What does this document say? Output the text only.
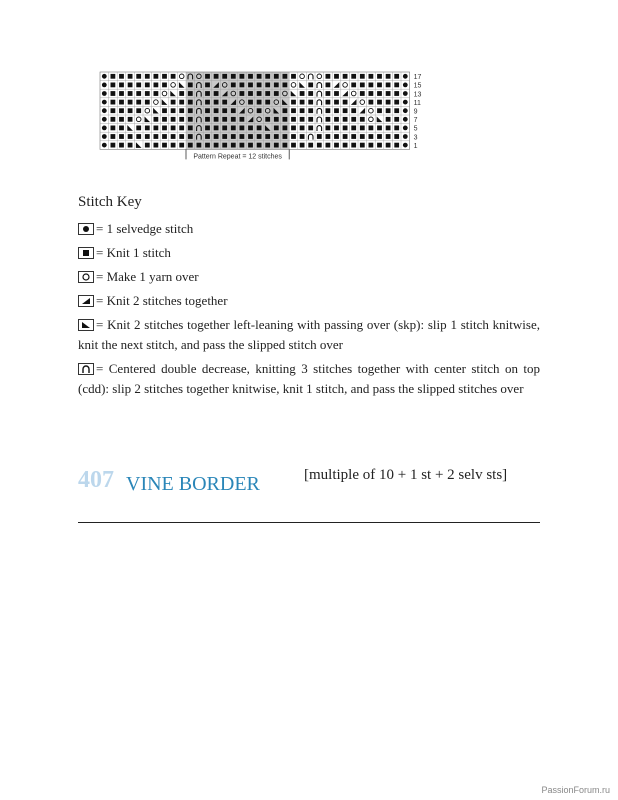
17
15
13
11
9
7
5
3
1
Pattern Repeat = 12 stitches
Stitch Key
= 1 selvedge stitch
= Knit 1 stitch
= Make 1 yarn over
= Knit 2 stitches together
= Knit 2 stitches together left-leaning with passing over (skp): slip 1 stitch knitwise, knit the next stitch, and pass the slipped stitch over
= Centered double decrease, knitting 3 stitches together with center stitch on top (cdd): slip 2 stitches together knitwise, knit 1 stitch, and pass the slipped stitches over
407 VINE BORDER	[multiple of 10 + 1 st + 2 selv sts]
PassionForum.ru
